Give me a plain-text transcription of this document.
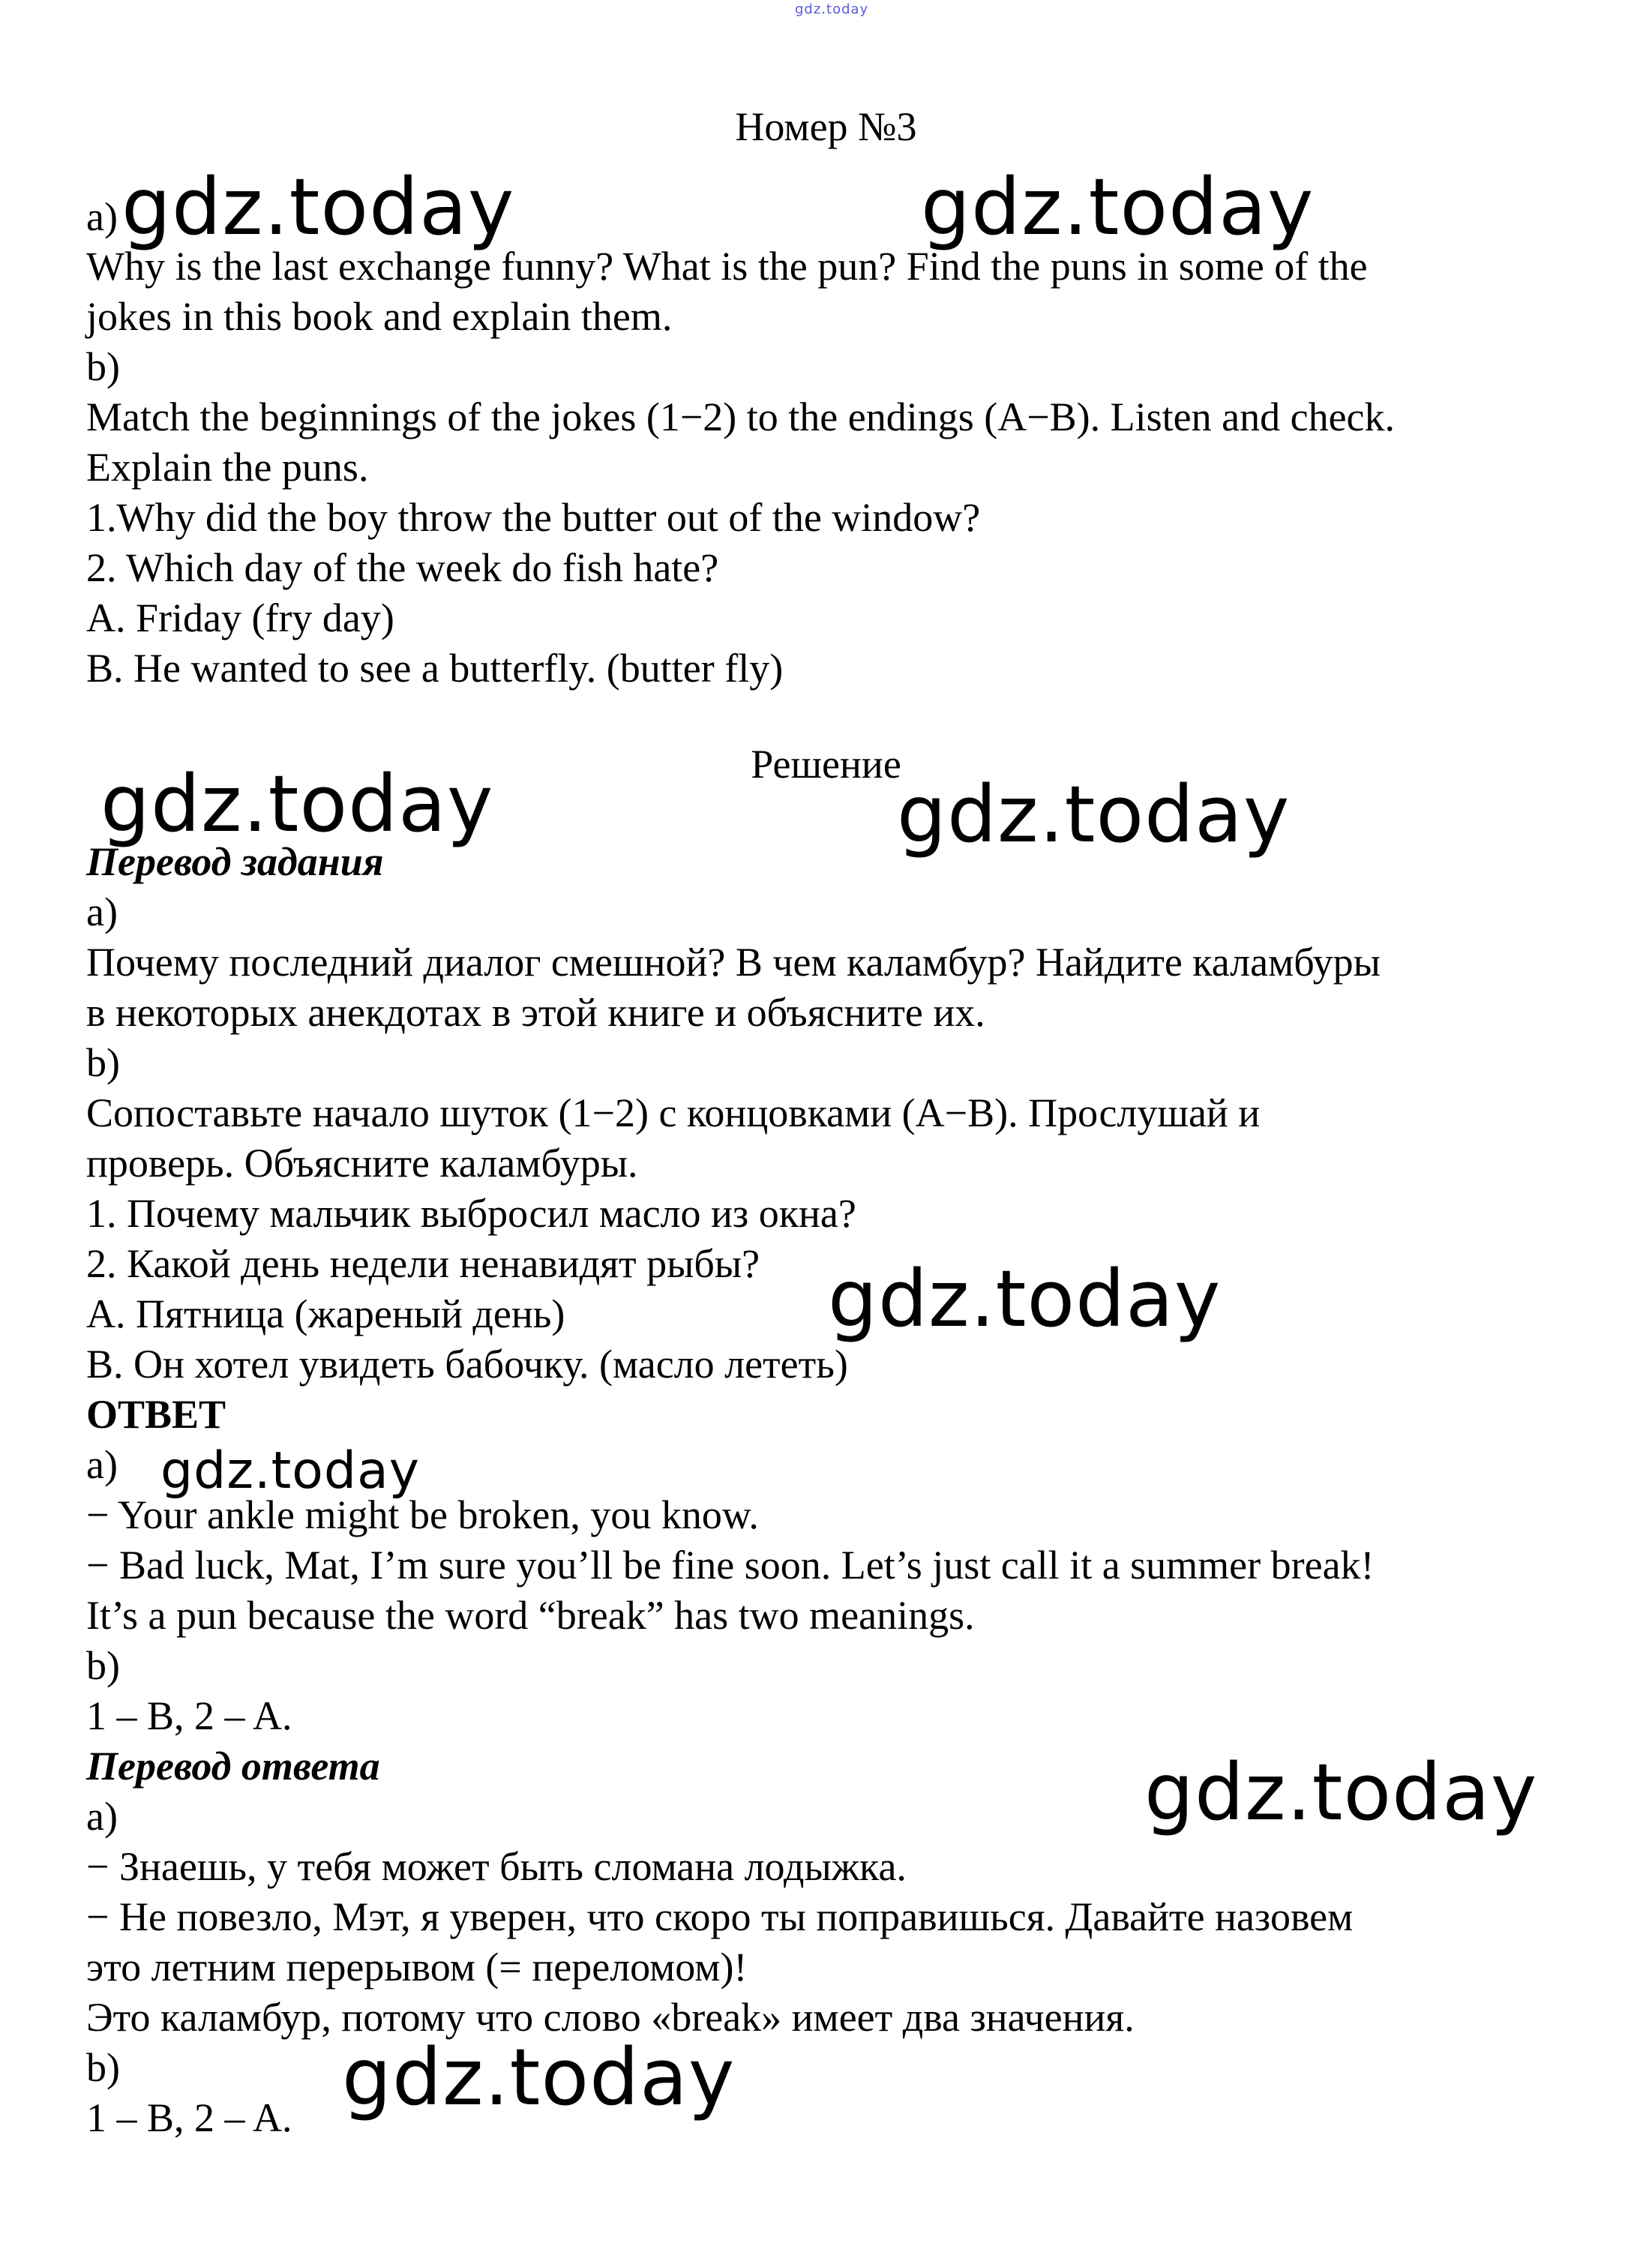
gdz.today
Номер №3
a) gdz.today	gdz.today
Why is the last exchange funny? What is the pun? Find the puns in some of the
jokes in this book and explain them.
b)
Match the beginnings of the jokes (1−2) to the endings (A−B). Listen and check.
Explain the puns.
1.Why did the boy throw the butter out of the window?
2. Which day of the week do fish hate?
A. Friday (fry day)
B. He wanted to see a butterfly. (butter fly)
Решение
gdz.today	gdz.today
Перевод задания
a)
Почему последний диалог смешной? В чем каламбур? Найдите каламбуры
в некоторых анекдотах в этой книге и объясните их.
b)
Сопоставьте начало шуток (1−2) с концовками (A−B). Прослушай и
проверь. Объясните каламбуры.
1. Почему мальчик выбросил масло из окна?
2. Какой день недели ненавидят рыбы?
A. Пятница (жареный день)
B. Он хотел увидеть бабочку. (масло лететь)
gdz.today
ОТВЕТ
a) gdz.today
− Your ankle might be broken, you know.
− Bad luck, Mat, I’m sure you’ll be fine soon. Let’s just call it a summer break!
It’s a pun because the word “break” has two meanings.
b)
1 – B, 2 – A.
Перевод ответа	gdz.today
a)
− Знаешь, у тебя может быть сломана лодыжка.
− Не повезло, Мэт, я уверен, что скоро ты поправишься. Давайте назовем
это летним перерывом (= переломом)!
Это каламбур, потому что слово «break» имеет два значения.
b)
1 – B, 2 – A. gdz.today
